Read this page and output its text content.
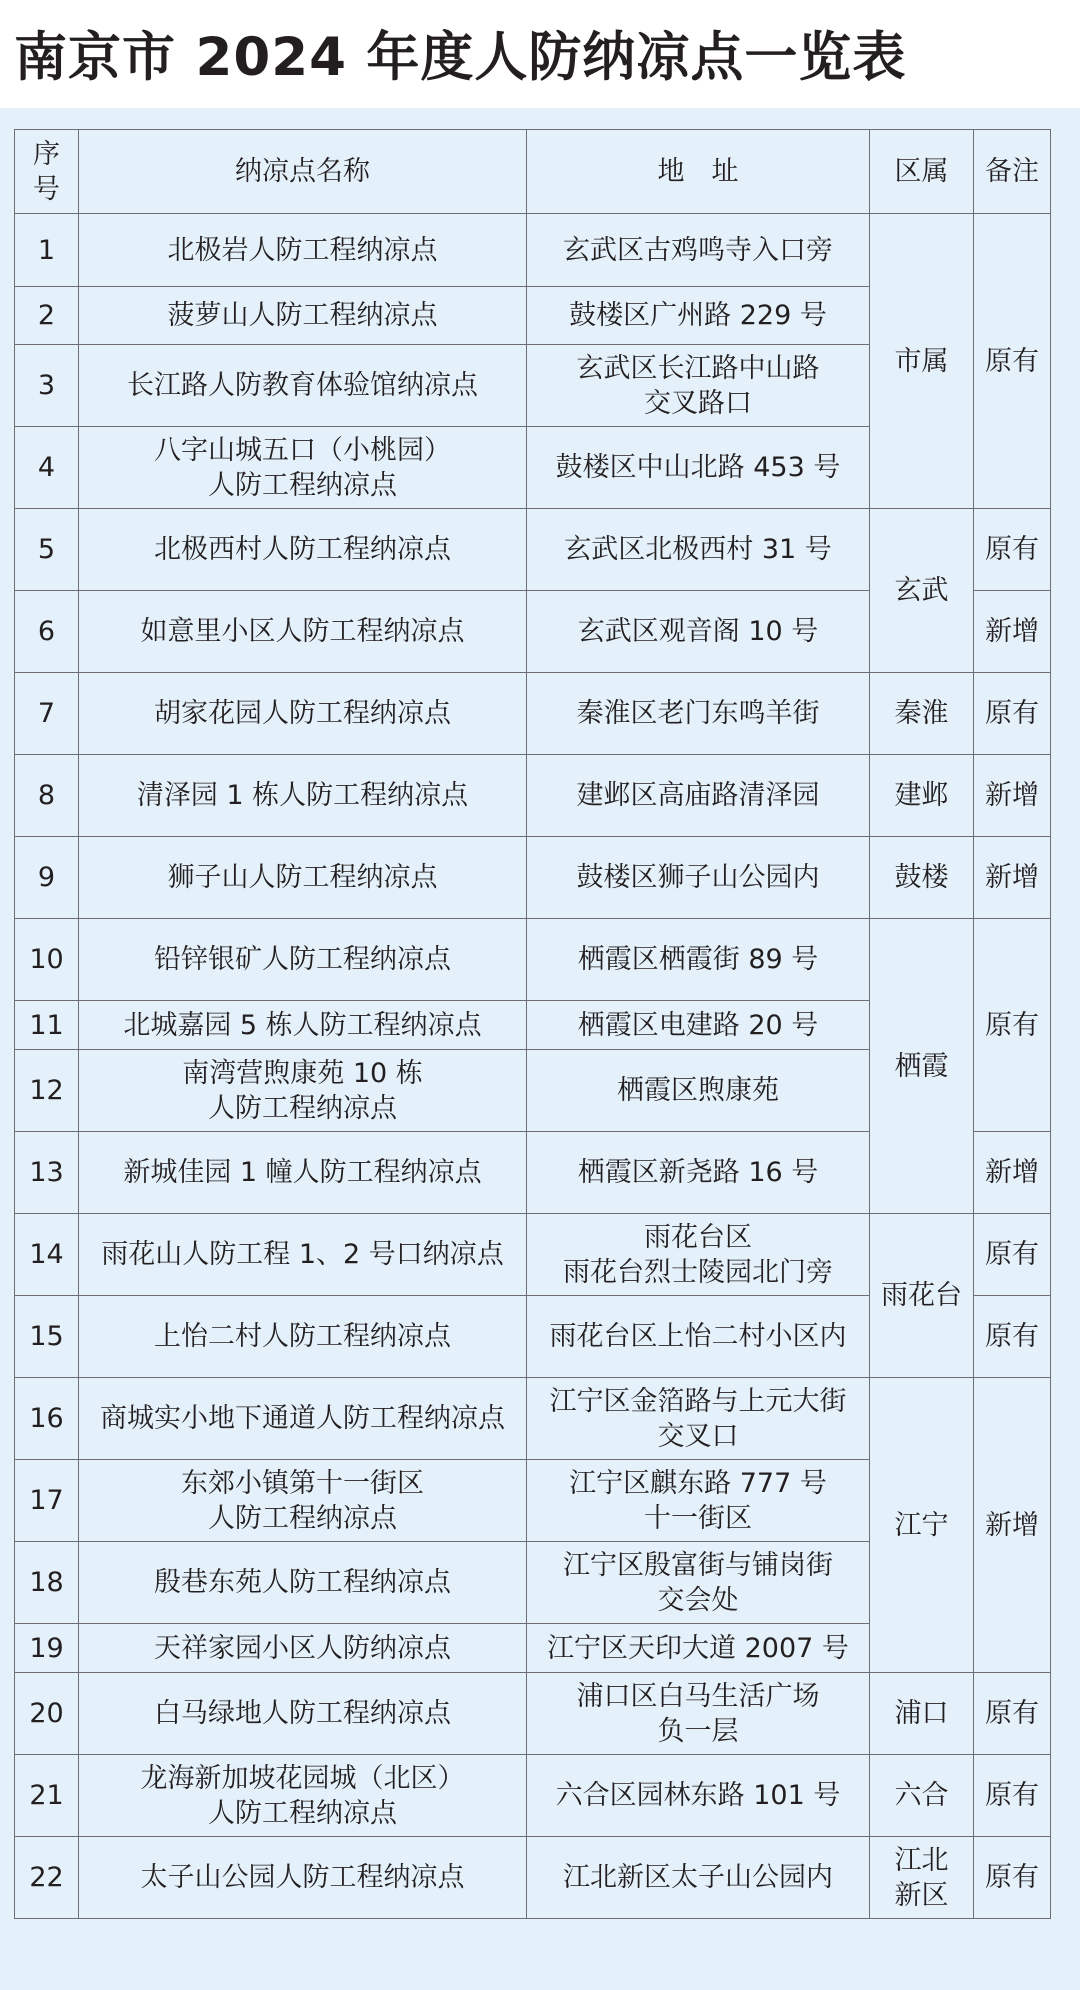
南京市 2024 年度人防纳凉点一览表
序
号	纳凉点名称	地　址	区属	备注
1	北极岩人防工程纳凉点	玄武区古鸡鸣寺入口旁	市属	原有
2	菠萝山人防工程纳凉点	鼓楼区广州路 229 号		

3	长江路人防教育体验馆纳凉点	玄武区长江路中山路
交叉路口		

4	八字山城五口（小桃园）
人防工程纳凉点	鼓楼区中山北路 453 号		

5	北极西村人防工程纳凉点	玄武区北极西村 31 号	玄武	原有
6	如意里小区人防工程纳凉点	玄武区观音阁 10 号		新增
7	胡家花园人防工程纳凉点	秦淮区老门东鸣羊街	秦淮	原有
8	清泽园 1 栋人防工程纳凉点	建邺区高庙路清泽园	建邺	新增
9	狮子山人防工程纳凉点	鼓楼区狮子山公园内	鼓楼	新增
10	铅锌银矿人防工程纳凉点	栖霞区栖霞街 89 号	栖霞	原有
11	北城嘉园 5 栋人防工程纳凉点	栖霞区电建路 20 号		

12	南湾营煦康苑 10 栋
人防工程纳凉点	栖霞区煦康苑		

13	新城佳园 1 幢人防工程纳凉点	栖霞区新尧路 16 号		新增
14	雨花山人防工程 1、2 号口纳凉点	雨花台区
雨花台烈士陵园北门旁	雨花台	原有
15	上怡二村人防工程纳凉点	雨花台区上怡二村小区内		原有
16	商城实小地下通道人防工程纳凉点	江宁区金箔路与上元大街
交叉口	江宁	新增
17	东郊小镇第十一街区
人防工程纳凉点	江宁区麒东路 777 号
十一街区		

18	殷巷东苑人防工程纳凉点	江宁区殷富街与铺岗街
交会处		

19	天祥家园小区人防纳凉点	江宁区天印大道 2007 号		

20	白马绿地人防工程纳凉点	浦口区白马生活广场
负一层	浦口	原有
21	龙海新加坡花园城（北区）
人防工程纳凉点	六合区园林东路 101 号	六合	原有
22	太子山公园人防工程纳凉点	江北新区太子山公园内	江北
新区	原有
